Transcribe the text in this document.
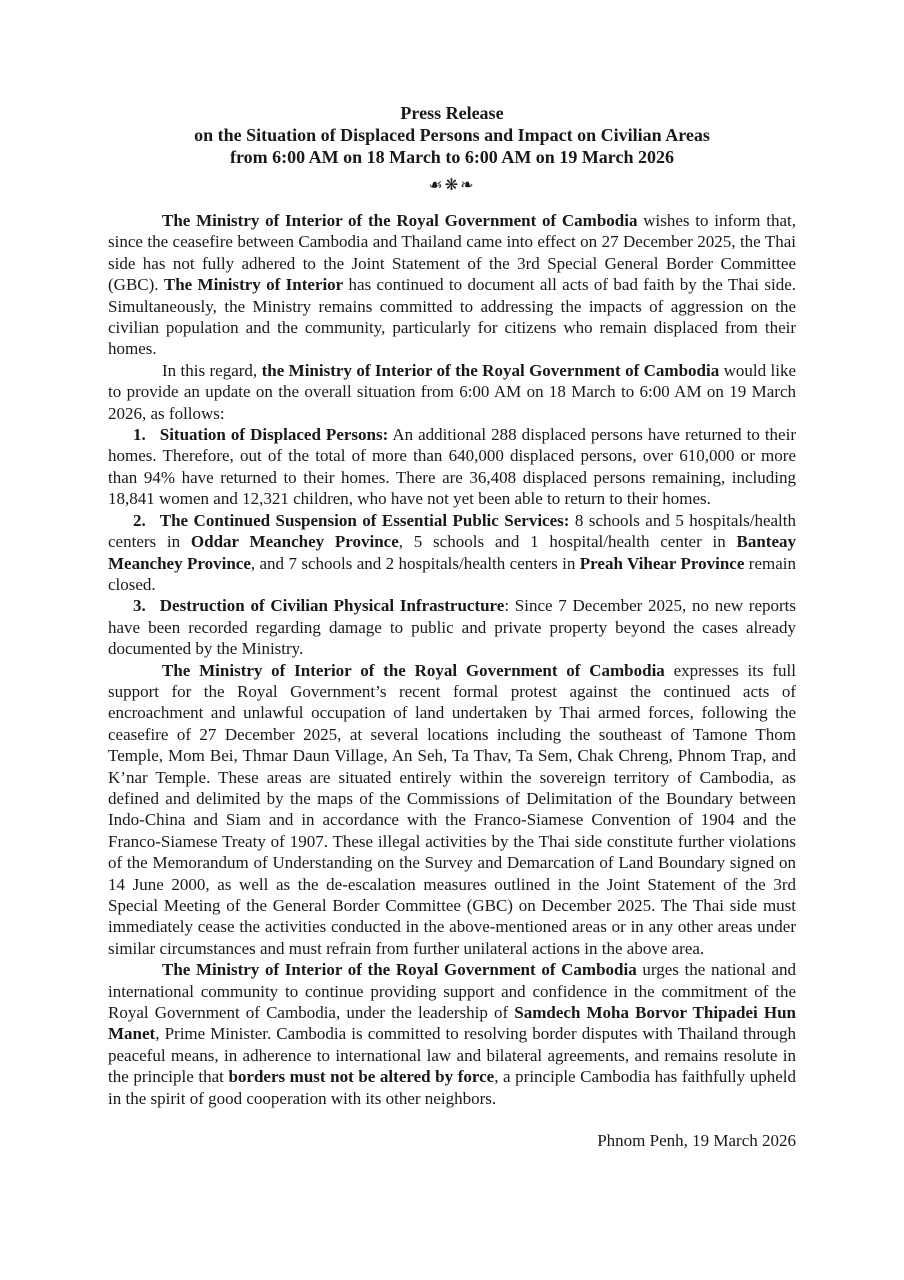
Press Release
on the Situation of Displaced Persons and Impact on Civilian Areas
from 6:00 AM on 18 March to 6:00 AM on 19 March 2026
☙❋❧

The Ministry of Interior of the Royal Government of Cambodia wishes to inform that, since the ceasefire between Cambodia and Thailand came into effect on 27 December 2025, the Thai side has not fully adhered to the Joint Statement of the 3rd Special General Border Committee (GBC). The Ministry of Interior has continued to document all acts of bad faith by the Thai side. Simultaneously, the Ministry remains committed to addressing the impacts of aggression on the civilian population and the community, particularly for citizens who remain displaced from their homes.

In this regard, the Ministry of Interior of the Royal Government of Cambodia would like to provide an update on the overall situation from 6:00 AM on 18 March to 6:00 AM on 19 March 2026, as follows:

1. Situation of Displaced Persons: An additional 288 displaced persons have returned to their homes. Therefore, out of the total of more than 640,000 displaced persons, over 610,000 or more than 94% have returned to their homes. There are 36,408 displaced persons remaining, including 18,841 women and 12,321 children, who have not yet been able to return to their homes.

2. The Continued Suspension of Essential Public Services: 8 schools and 5 hospitals/health centers in Oddar Meanchey Province, 5 schools and 1 hospital/health center in Banteay Meanchey Province, and 7 schools and 2 hospitals/health centers in Preah Vihear Province remain closed.

3. Destruction of Civilian Physical Infrastructure: Since 7 December 2025, no new reports have been recorded regarding damage to public and private property beyond the cases already documented by the Ministry.

The Ministry of Interior of the Royal Government of Cambodia expresses its full support for the Royal Government’s recent formal protest against the continued acts of encroachment and unlawful occupation of land undertaken by Thai armed forces, following the ceasefire of 27 December 2025, at several locations including the southeast of Tamone Thom Temple, Mom Bei, Thmar Daun Village, An Seh, Ta Thav, Ta Sem, Chak Chreng, Phnom Trap, and K’nar Temple. These areas are situated entirely within the sovereign territory of Cambodia, as defined and delimited by the maps of the Commissions of Delimitation of the Boundary between Indo-China and Siam and in accordance with the Franco-Siamese Convention of 1904 and the Franco-Siamese Treaty of 1907. These illegal activities by the Thai side constitute further violations of the Memorandum of Understanding on the Survey and Demarcation of Land Boundary signed on 14 June 2000, as well as the de-escalation measures outlined in the Joint Statement of the 3rd Special Meeting of the General Border Committee (GBC) on December 2025. The Thai side must immediately cease the activities conducted in the above-mentioned areas or in any other areas under similar circumstances and must refrain from further unilateral actions in the above area.

The Ministry of Interior of the Royal Government of Cambodia urges the national and international community to continue providing support and confidence in the commitment of the Royal Government of Cambodia, under the leadership of Samdech Moha Borvor Thipadei Hun Manet, Prime Minister. Cambodia is committed to resolving border disputes with Thailand through peaceful means, in adherence to international law and bilateral agreements, and remains resolute in the principle that borders must not be altered by force, a principle Cambodia has faithfully upheld in the spirit of good cooperation with its other neighbors.

Phnom Penh, 19 March 2026
